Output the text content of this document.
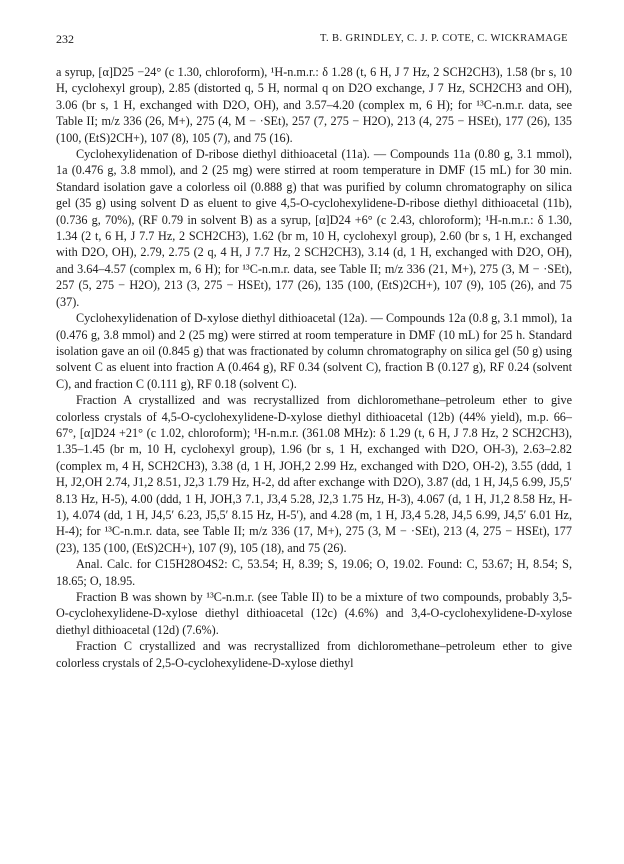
232	T. B. GRINDLEY, C. J. P. COTE, C. WICKRAMAGE

a syrup, [α]D25 −24° (c 1.30, chloroform), ¹H-n.m.r.: δ 1.28 (t, 6 H, J 7 Hz, 2 SCH2CH3), 1.58 (br s, 10 H, cyclohexyl group), 2.85 (distorted q, 5 H, normal q on D2O exchange, J 7 Hz, SCH2CH3 and OH), 3.06 (br s, 1 H, exchanged with D2O, OH), and 3.57–4.20 (complex m, 6 H); for ¹³C-n.m.r. data, see Table II; m/z 336 (26, M+), 275 (4, M − ·SEt), 257 (7, 275 − H2O), 213 (4, 275 − HSEt), 177 (26), 135 (100, (EtS)2CH+), 107 (8), 105 (7), and 75 (16).

Cyclohexylidenation of D-ribose diethyl dithioacetal (11a). — Compounds 11a (0.80 g, 3.1 mmol), 1a (0.476 g, 3.8 mmol), and 2 (25 mg) were stirred at room temperature in DMF (15 mL) for 30 min. Standard isolation gave a colorless oil (0.888 g) that was purified by column chromatography on silica gel (35 g) using solvent D as eluent to give 4,5-O-cyclohexylidene-D-ribose diethyl dithioacetal (11b), (0.736 g, 70%), (RF 0.79 in solvent B) as a syrup, [α]D24 +6° (c 2.43, chloroform); ¹H-n.m.r.: δ 1.30, 1.34 (2 t, 6 H, J 7.7 Hz, 2 SCH2CH3), 1.62 (br m, 10 H, cyclohexyl group), 2.60 (br s, 1 H, exchanged with D2O, OH), 2.79, 2.75 (2 q, 4 H, J 7.7 Hz, 2 SCH2CH3), 3.14 (d, 1 H, exchanged with D2O, OH), and 3.64–4.57 (complex m, 6 H); for ¹³C-n.m.r. data, see Table II; m/z 336 (21, M+), 275 (3, M − ·SEt), 257 (5, 275 − H2O), 213 (3, 275 − HSEt), 177 (26), 135 (100, (EtS)2CH+), 107 (9), 105 (26), and 75 (37).

Cyclohexylidenation of D-xylose diethyl dithioacetal (12a). — Compounds 12a (0.8 g, 3.1 mmol), 1a (0.476 g, 3.8 mmol) and 2 (25 mg) were stirred at room temperature in DMF (10 mL) for 25 h. Standard isolation gave an oil (0.845 g) that was fractionated by column chromatography on silica gel (50 g) using solvent C as eluent into fraction A (0.464 g), RF 0.34 (solvent C), fraction B (0.127 g), RF 0.24 (solvent C), and fraction C (0.111 g), RF 0.18 (solvent C).

Fraction A crystallized and was recrystallized from dichloromethane–petroleum ether to give colorless crystals of 4,5-O-cyclohexylidene-D-xylose diethyl dithioacetal (12b) (44% yield), m.p. 66–67°, [α]D24 +21° (c 1.02, chloroform); ¹H-n.m.r. (361.08 MHz): δ 1.29 (t, 6 H, J 7.8 Hz, 2 SCH2CH3), 1.35–1.45 (br m, 10 H, cyclohexyl group), 1.96 (br s, 1 H, exchanged with D2O, OH-3), 2.63–2.82 (complex m, 4 H, SCH2CH3), 3.38 (d, 1 H, JOH,2 2.99 Hz, exchanged with D2O, OH-2), 3.55 (ddd, 1 H, J2,OH 2.74, J1,2 8.51, J2,3 1.79 Hz, H-2, dd after exchange with D2O), 3.87 (dd, 1 H, J4,5 6.99, J5,5′ 8.13 Hz, H-5), 4.00 (ddd, 1 H, JOH,3 7.1, J3,4 5.28, J2,3 1.75 Hz, H-3), 4.067 (d, 1 H, J1,2 8.58 Hz, H-1), 4.074 (dd, 1 H, J4,5′ 6.23, J5,5′ 8.15 Hz, H-5′), and 4.28 (m, 1 H, J3,4 5.28, J4,5 6.99, J4,5′ 6.01 Hz, H-4); for ¹³C-n.m.r. data, see Table II; m/z 336 (17, M+), 275 (3, M − ·SEt), 213 (4, 275 − HSEt), 177 (23), 135 (100, (EtS)2CH+), 107 (9), 105 (18), and 75 (26).

Anal. Calc. for C15H28O4S2: C, 53.54; H, 8.39; S, 19.06; O, 19.02. Found: C, 53.67; H, 8.54; S, 18.65; O, 18.95.

Fraction B was shown by ¹³C-n.m.r. (see Table II) to be a mixture of two compounds, probably 3,5-O-cyclohexylidene-D-xylose diethyl dithioacetal (12c) (4.6%) and 3,4-O-cyclohexylidene-D-xylose diethyl dithioacetal (12d) (7.6%).

Fraction C crystallized and was recrystallized from dichloromethane–petroleum ether to give colorless crystals of 2,5-O-cyclohexylidene-D-xylose diethyl
